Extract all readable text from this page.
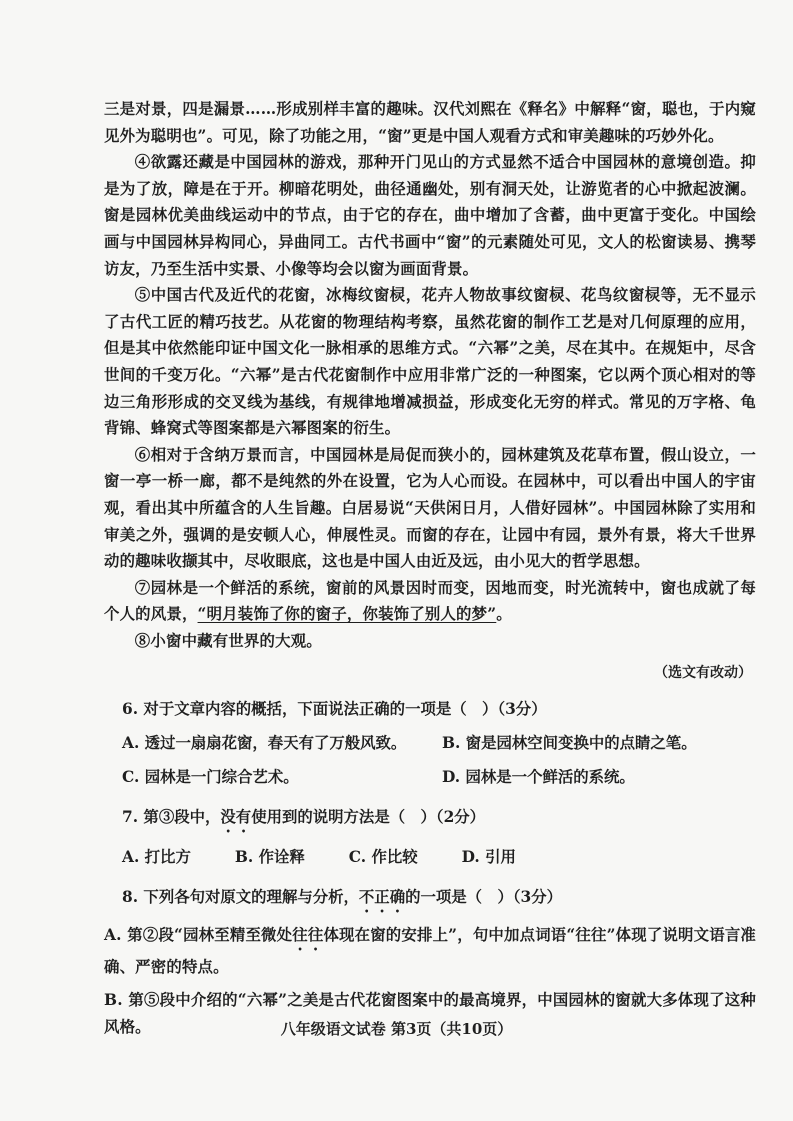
三是对景，四是漏景……形成别样丰富的趣味。汉代刘熙在《释名》中解释“窗，聪也，于内窥见外为聪明也”。可见，除了功能之用，“窗”更是中国人观看方式和审美趣味的巧妙外化。

④欲露还藏是中国园林的游戏，那种开门见山的方式显然不适合中国园林的意境创造。抑是为了放，障是在于开。柳暗花明处，曲径通幽处，别有洞天处，让游览者的心中掀起波澜。窗是园林优美曲线运动中的节点，由于它的存在，曲中增加了含蓄，曲中更富于变化。中国绘画与中国园林异构同心，异曲同工。古代书画中“窗”的元素随处可见，文人的松窗读易、携琴访友，乃至生活中实景、小像等均会以窗为画面背景。

⑤中国古代及近代的花窗，冰梅纹窗棂，花卉人物故事纹窗棂、花鸟纹窗棂等，无不显示了古代工匠的精巧技艺。从花窗的物理结构考察，虽然花窗的制作工艺是对几何原理的应用，但是其中依然能印证中国文化一脉相承的思维方式。“六幂”之美，尽在其中。在规矩中，尽含世间的千变万化。“六幂”是古代花窗制作中应用非常广泛的一种图案，它以两个顶心相对的等边三角形形成的交叉线为基线，有规律地增减损益，形成变化无穷的样式。常见的万字格、龟背锦、蜂窝式等图案都是六幂图案的衍生。

⑥相对于含纳万景而言，中国园林是局促而狭小的，园林建筑及花草布置，假山设立，一窗一亭一桥一廊，都不是纯然的外在设置，它为人心而设。在园林中，可以看出中国人的宇宙观，看出其中所蕴含的人生旨趣。白居易说“天供闲日月，人借好园林”。中国园林除了实用和审美之外，强调的是安顿人心，伸展性灵。而窗的存在，让园中有园，景外有景，将大千世界动的趣味收撷其中，尽收眼底，这也是中国人由近及远，由小见大的哲学思想。

⑦园林是一个鲜活的系统，窗前的风景因时而变，因地而变，时光流转中，窗也成就了每个人的风景，“明月装饰了你的窗子，你装饰了别人的梦”。

⑧小窗中藏有世界的大观。

（选文有改动）

6. 对于文章内容的概括，下面说法正确的一项是（　）（3分）

A. 透过一扇扇花窗，春天有了万般风致。	B. 窗是园林空间变换中的点睛之笔。
C. 园林是一门综合艺术。	D. 园林是一个鲜活的系统。

7. 第③段中，没有使用到的说明方法是（　）（2分）

A. 打比方	B. 作诠释	C. 作比较	D. 引用

8. 下列各句对原文的理解与分析，不正确的一项是（　）（3分）

A. 第②段“园林至精至微处往往体现在窗的安排上”，句中加点词语“往往”体现了说明文语言准确、严密的特点。

B. 第⑤段中介绍的“六幂”之美是古代花窗图案中的最高境界，中国园林的窗就大多体现了这种风格。	八年级语文试卷 第3页（共10页）
